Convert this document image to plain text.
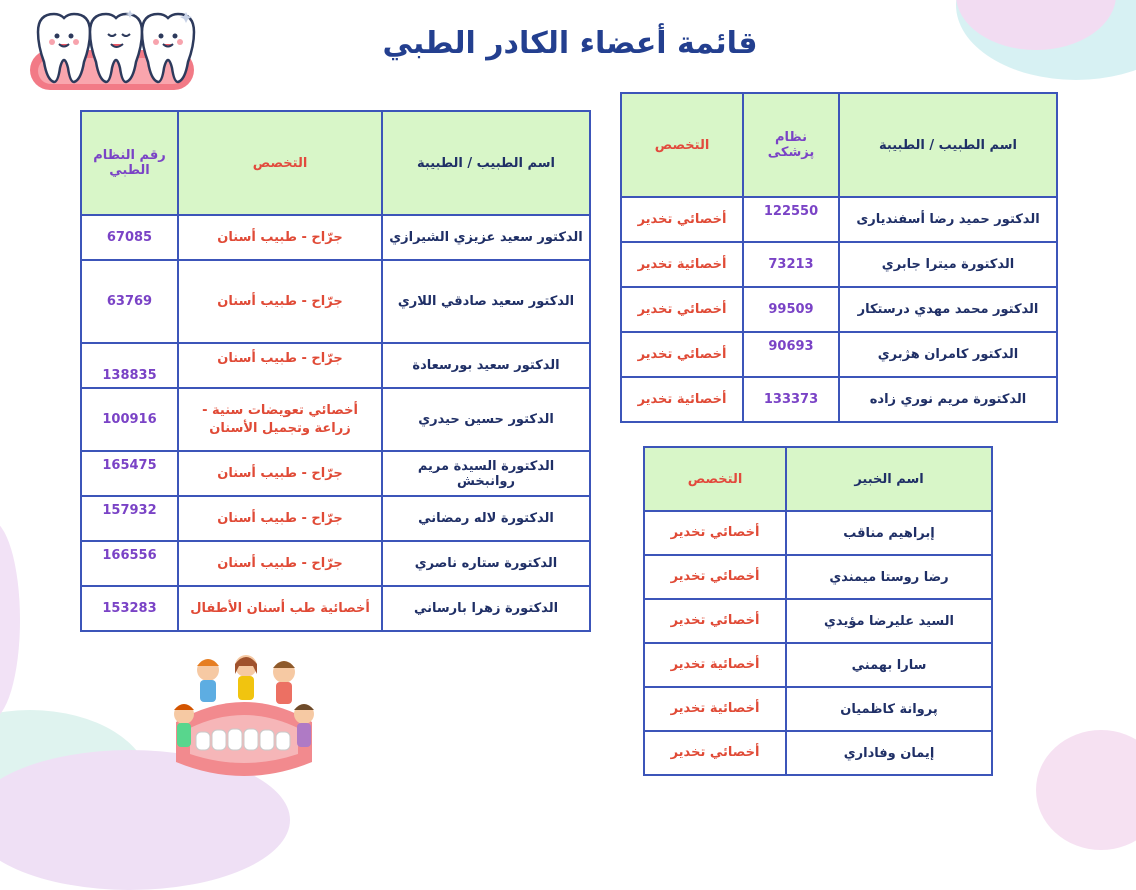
قائمة أعضاء الكادر الطبي
اسم الطبيب / الطبيبة	التخصص	رقم النظام الطبي
الدكتور سعيد عزيزي الشيرازي	جرّاح - طبيب أسنان	67085
الدكتور سعيد صادقي اللاري	جرّاح - طبيب أسنان	63769
الدكتور سعيد بورسعادة	جرّاح - طبيب أسنان	138835
الدكتور حسين حيدري	أخصائي تعويضات سنية - زراعة وتجميل الأسنان	100916
الدكتورة السيدة مريم روانبخش	جرّاح - طبيب أسنان	165475
الدكتورة لاله رمضاني	جرّاح - طبيب أسنان	157932
الدكتورة ستاره ناصري	جرّاح - طبيب أسنان	166556
الدكتورة زهرا بارساني	أخصائية طب أسنان الأطفال	153283
اسم الطبيب / الطبيبة	نظام پزشكى	التخصص
الدكتور حميد رضا أسفنديارى	122550	أخصائي تخدير
الدكتورة ميترا جابري	73213	أخصائية تخدير
الدكتور محمد مهدي درستكار	99509	أخصائي تخدير
الدكتور كامران هژبري	90693	أخصائي تخدير
الدكتورة مريم نوري زاده	133373	أخصائية تخدير
اسم الخبير	التخصص
إبراهيم مناقب	أخصائي تخدير
رضا روستا ميمندي	أخصائي تخدير
السيد عليرضا مؤيدي	أخصائي تخدير
سارا بهمني	أخصائية تخدير
پروانة كاظميان	أخصائية تخدير
إيمان وفاداري	أخصائي تخدير
